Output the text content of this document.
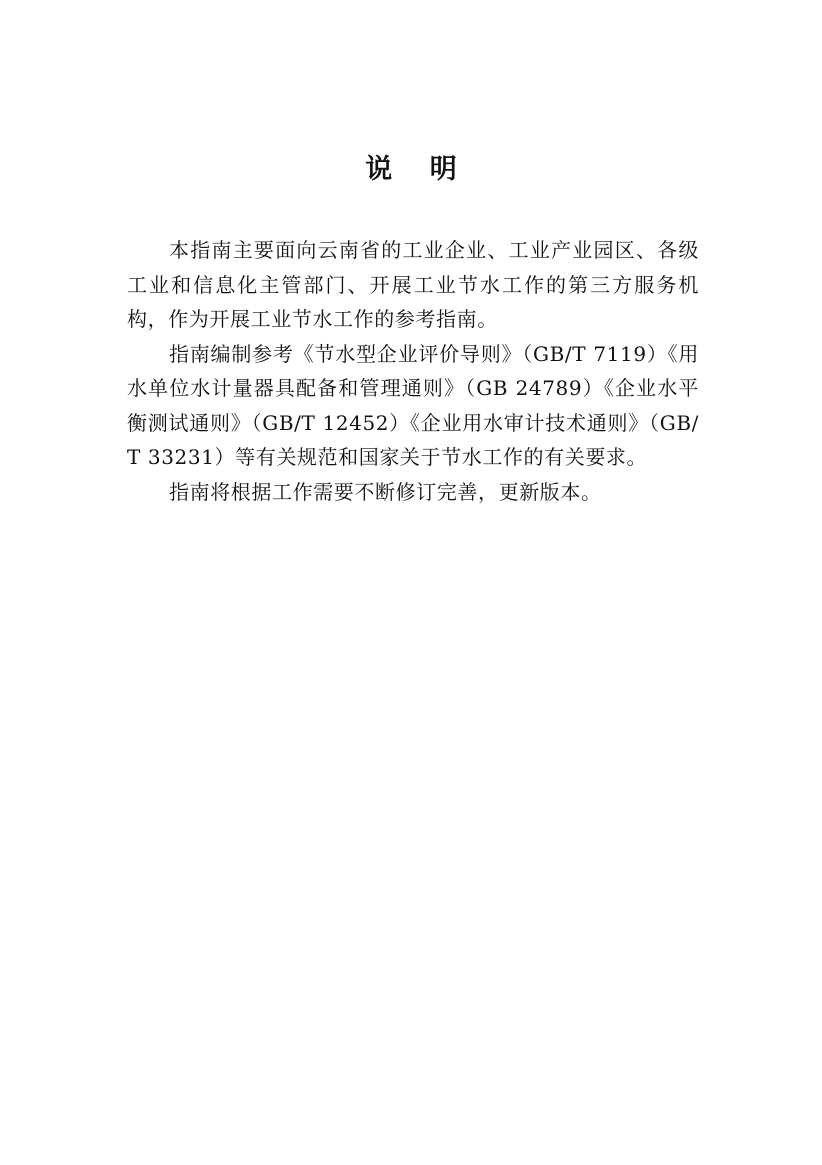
说 明

本指南主要面向云南省的工业企业、工业产业园区、各级工业和信息化主管部门、开展工业节水工作的第三方服务机构，作为开展工业节水工作的参考指南。

指南编制参考《节水型企业评价导则》（GB/T 7119）《用水单位水计量器具配备和管理通则》（GB 24789）《企业水平衡测试通则》（GB/T 12452）《企业用水审计技术通则》（GB/T 33231）等有关规范和国家关于节水工作的有关要求。

指南将根据工作需要不断修订完善，更新版本。
